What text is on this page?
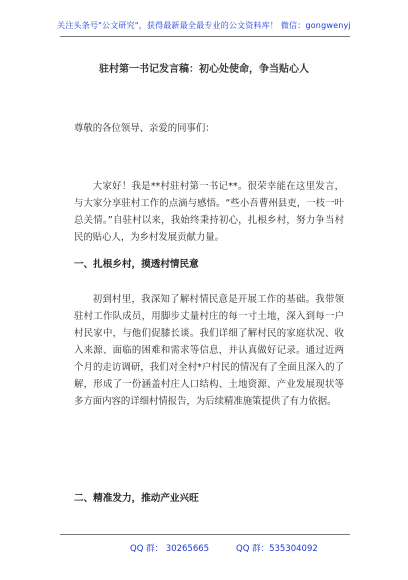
关注头条号"公文研究"，获得最新最全最专业的公文资料库！ 微信：gongwenyj
驻村第一书记发言稿：初心处使命，争当贴心人
尊敬的各位领导、亲爱的同事们：

大家好！我是**村驻村第一书记**。很荣幸能在这里发言，与大家分享驻村工作的点滴与感悟。“些小吾曹州县吏，一枝一叶总关情。”自驻村以来，我始终秉持初心，扎根乡村，努力争当村民的贴心人，为乡村发展贡献力量。

一、扎根乡村，摸透村情民意

初到村里，我深知了解村情民意是开展工作的基础。我带领驻村工作队成员，用脚步丈量村庄的每一寸土地，深入到每一户村民家中，与他们促膝长谈。我们详细了解村民的家庭状况、收入来源、面临的困难和需求等信息，并认真做好记录。通过近两个月的走访调研，我们对全村*户村民的情况有了全面且深入的了解，形成了一份涵盖村庄人口结构、土地资源、产业发展现状等多方面内容的详细村情报告，为后续精准施策提供了有力依据。

二、精准发力，推动产业兴旺
QQ 群： 30265665	QQ 群：535304092
